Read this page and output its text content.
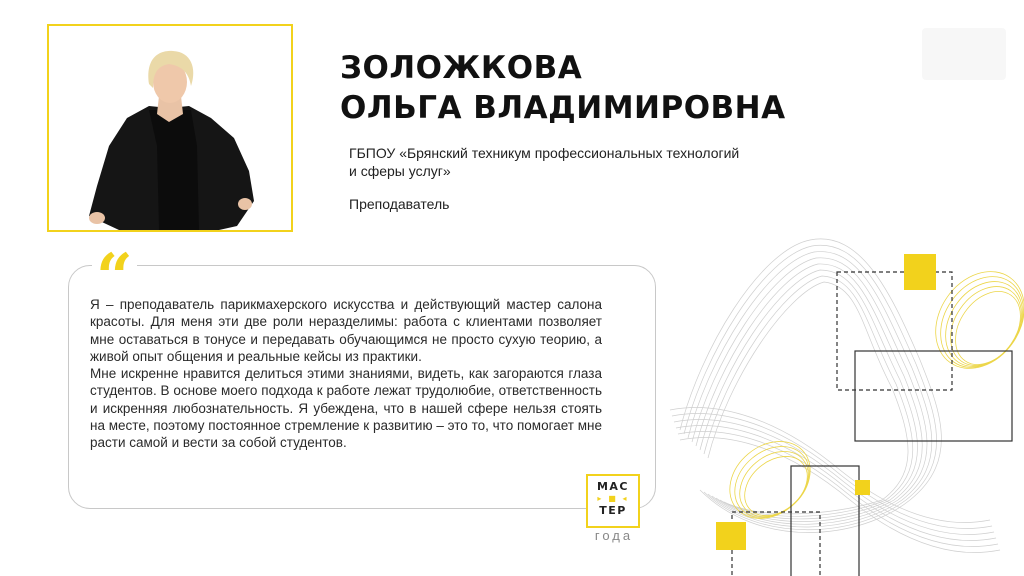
ЗОЛОЖКОВА
ОЛЬГА ВЛАДИМИРОВНА
ГБПОУ «Брянский техникум профессиональных технологий
и сферы услуг»
Преподаватель
“

Я – преподаватель парикмахерского искусства и действующий мастер салона красоты. Для меня эти две роли неразделимы: работа с клиентами позволяет мне оставаться в тонусе и передавать обучающимся не просто сухую теорию, а живой опыт общения и реальные кейсы из практики.

Мне искренне нравится делиться этими знаниями, видеть, как загораются глаза студентов. В основе моего подхода к работе лежат трудолюбие, ответственность и искренняя любознательность. Я убеждена, что в нашей сфере нельзя стоять на месте, поэтому постоянное стремление к развитию – это то, что помогает мне расти самой и вести за собой студентов.

МАС
▸ ■ ◂
ТЕР
года
